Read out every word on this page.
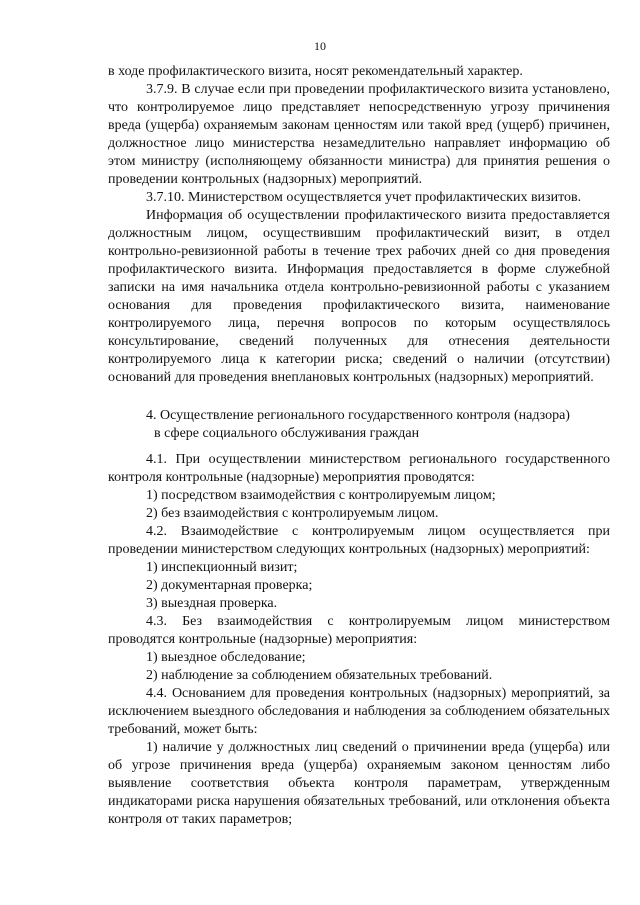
10

в ходе профилактического визита, носят рекомендательный характер.

3.7.9. В случае если при проведении профилактического визита установлено, что контролируемое лицо представляет непосредственную угрозу причинения вреда (ущерба) охраняемым законам ценностям или такой вред (ущерб) причинен, должностное лицо министерства незамедлительно направляет информацию об этом министру (исполняющему обязанности министра) для принятия решения о проведении контрольных (надзорных) мероприятий.

3.7.10. Министерством осуществляется учет профилактических визитов.

Информация об осуществлении профилактического визита предоставляется должностным лицом, осуществившим профилактический визит, в отдел контрольно-ревизионной работы в течение трех рабочих дней со дня проведения профилактического визита. Информация предоставляется в форме служебной записки на имя начальника отдела контрольно-ревизионной работы с указанием основания для проведения профилактического визита, наименование контролируемого лица, перечня вопросов по которым осуществлялось консультирование, сведений полученных для отнесения деятельности контролируемого лица к категории риска; сведений о наличии (отсутствии) оснований для проведения внеплановых контрольных (надзорных) мероприятий.

4. Осуществление регионального государственного контроля (надзора)
в сфере социального обслуживания граждан

4.1. При осуществлении министерством регионального государственного контроля контрольные (надзорные) мероприятия проводятся:

1) посредством взаимодействия с контролируемым лицом;

2) без взаимодействия с контролируемым лицом.

4.2. Взаимодействие с контролируемым лицом осуществляется при проведении министерством следующих контрольных (надзорных) мероприятий:

1) инспекционный визит;

2) документарная проверка;

3) выездная проверка.

4.3. Без взаимодействия с контролируемым лицом министерством проводятся контрольные (надзорные) мероприятия:

1) выездное обследование;

2) наблюдение за соблюдением обязательных требований.

4.4. Основанием для проведения контрольных (надзорных) мероприятий, за исключением выездного обследования и наблюдения за соблюдением обязательных требований, может быть:

1) наличие у должностных лиц сведений о причинении вреда (ущерба) или об угрозе причинения вреда (ущерба) охраняемым законом ценностям либо выявление соответствия объекта контроля параметрам, утвержденным индикаторами риска нарушения обязательных требований, или отклонения объекта контроля от таких параметров;
